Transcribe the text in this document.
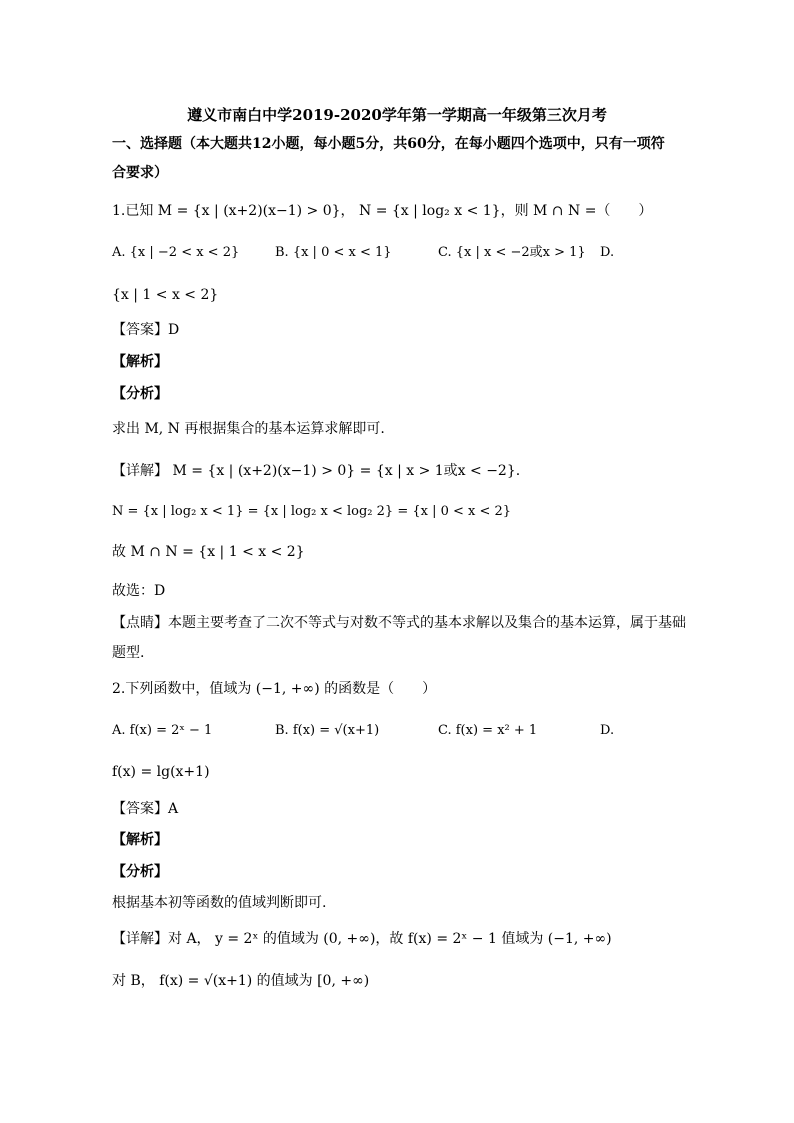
遵义市南白中学2019-2020学年第一学期高一年级第三次月考
一、选择题（本大题共12小题，每小题5分，共60分，在每小题四个选项中，只有一项符
合要求）
1.已知 M = {x | (x+2)(x−1) > 0}， N = {x | log₂ x < 1}，则 M ∩ N =（　　）
A. {x | −2 < x < 2}	B. {x | 0 < x < 1}	C. {x | x < −2或x > 1} D.
{x | 1 < x < 2}
【答案】D
【解析】
【分析】
求出 M, N 再根据集合的基本运算求解即可.
【详解】 M = {x | (x+2)(x−1) > 0} = {x | x > 1或x < −2}.
N = {x | log₂ x < 1} = {x | log₂ x < log₂ 2} = {x | 0 < x < 2}
故 M ∩ N = {x | 1 < x < 2}
故选：D
【点睛】本题主要考查了二次不等式与对数不等式的基本求解以及集合的基本运算，属于基础
题型.
2.下列函数中，值域为 (−1, +∞) 的函数是（　　）
A. f(x) = 2ˣ − 1	B. f(x) = √(x+1)	C. f(x) = x² + 1	D.
f(x) = lg(x+1)
【答案】A
【解析】
【分析】
根据基本初等函数的值域判断即可.
【详解】对 A， y = 2ˣ 的值域为 (0, +∞)，故 f(x) = 2ˣ − 1 值域为 (−1, +∞)
对 B， f(x) = √(x+1) 的值域为 [0, +∞)
